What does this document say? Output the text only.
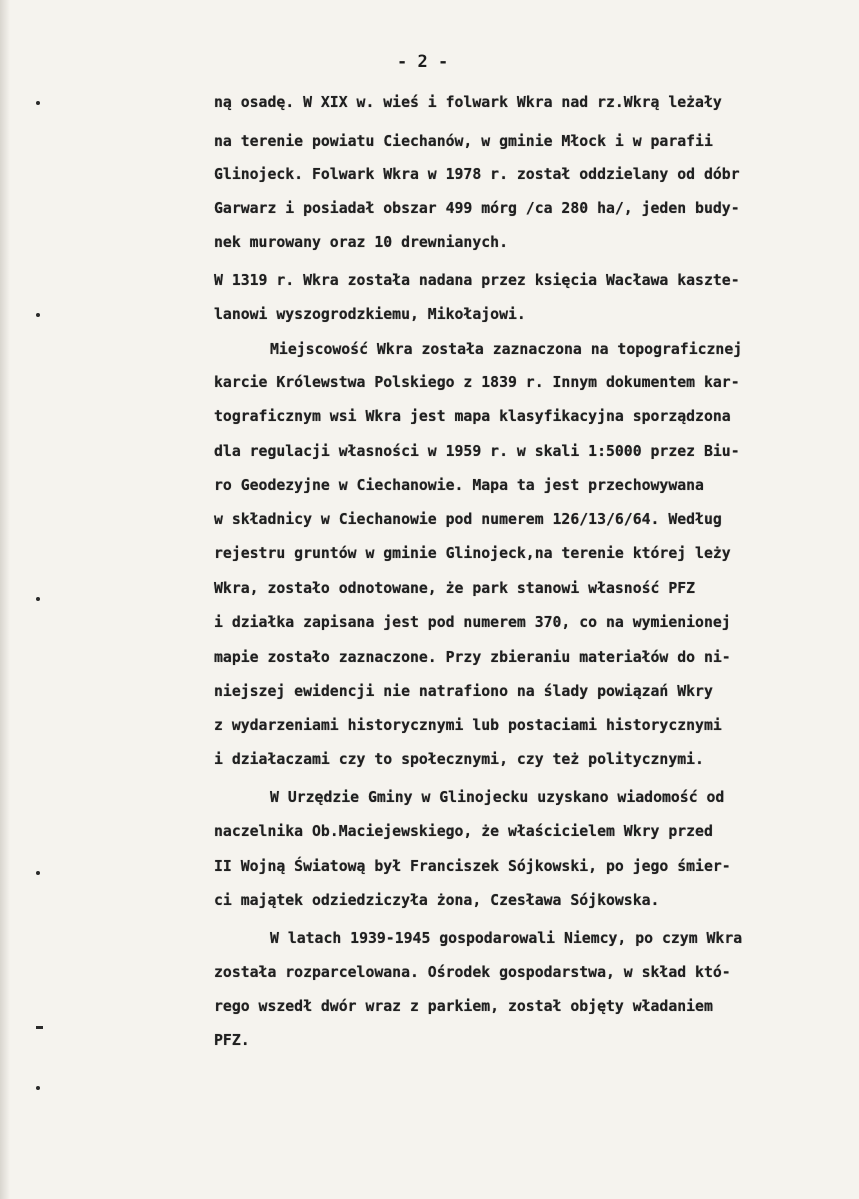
- 2 -
ną osadę. W XIX w. wieś i folwark Wkra nad rz.Wkrą leżały
na terenie powiatu Ciechanów, w gminie Młock i w parafii
Glinojeck. Folwark Wkra w 1978 r. został oddzielany od dóbr
Garwarz i posiadał obszar 499 mórg /ca 280 ha/, jeden budy-
nek murowany oraz 10 drewnianych.
W 1319 r. Wkra została nadana przez księcia Wacława kaszte-
lanowi wyszogrodzkiemu, Mikołajowi.
Miejscowość Wkra została zaznaczona na topograficznej
karcie Królewstwa Polskiego z 1839 r. Innym dokumentem kar-
tograficznym wsi Wkra jest mapa klasyfikacyjna sporządzona
dla regulacji własności w 1959 r. w skali 1:5000 przez Biu-
ro Geodezyjne w Ciechanowie. Mapa ta jest przechowywana
w składnicy w Ciechanowie pod numerem 126/13/6/64. Według
rejestru gruntów w gminie Glinojeck,na terenie której leży
Wkra, zostało odnotowane, że park stanowi własność PFZ
i działka zapisana jest pod numerem 370, co na wymienionej
mapie zostało zaznaczone. Przy zbieraniu materiałów do ni-
niejszej ewidencji nie natrafiono na ślady powiązań Wkry
z wydarzeniami historycznymi lub postaciami historycznymi
i działaczami czy to społecznymi, czy też politycznymi.
W Urzędzie Gminy w Glinojecku uzyskano wiadomość od
naczelnika Ob.Maciejewskiego, że właścicielem Wkry przed
II Wojną Światową był Franciszek Sójkowski, po jego śmier-
ci majątek odziedziczyła żona, Czesława Sójkowska.
W latach 1939-1945 gospodarowali Niemcy, po czym Wkra
została rozparcelowana. Ośrodek gospodarstwa, w skład któ-
rego wszedł dwór wraz z parkiem, został objęty władaniem
PFZ.
